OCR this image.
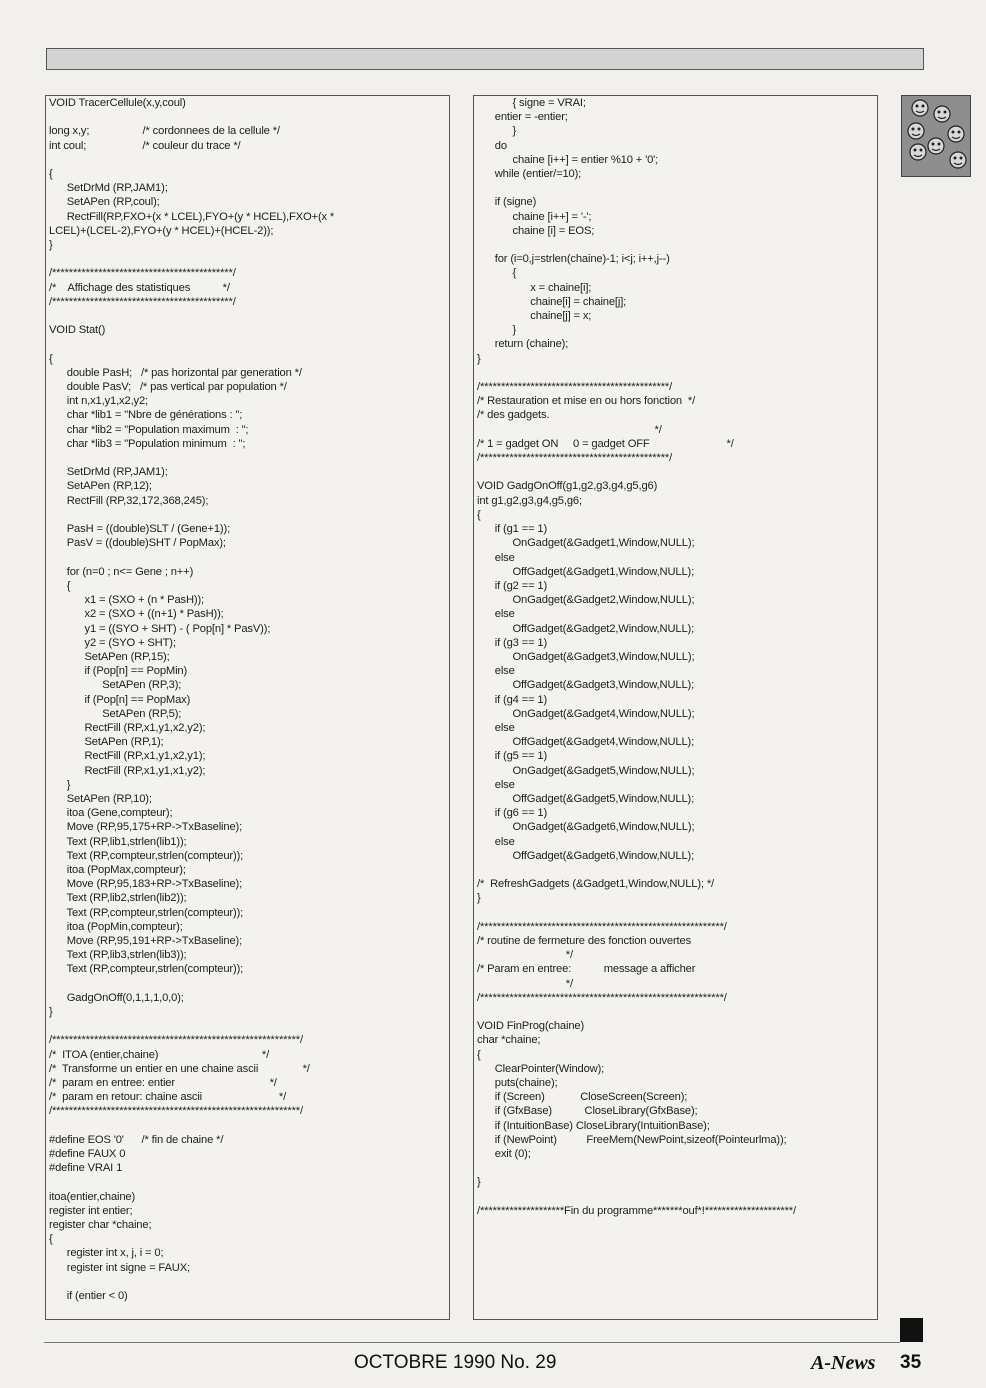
VOID TracerCellule(x,y,coul)

long x,y;                  /* cordonnees de la cellule */
int coul;                   /* couleur du trace */

{
SetDrMd (RP,JAM1);
SetAPen (RP,coul);
RectFill(RP,FXO+(x * LCEL),FYO+(y * HCEL),FXO+(x *
LCEL)+(LCEL-2),FYO+(y * HCEL)+(HCEL-2));
}

/*******************************************/
/*    Affichage des statistiques           */
/*******************************************/

VOID Stat()

{
double PasH;   /* pas horizontal par generation */
double PasV;   /* pas vertical par population */
int n,x1,y1,x2,y2;
char *lib1 = "Nbre de générations : ";
char *lib2 = "Population maximum  : ";
char *lib3 = "Population minimum  : ";

SetDrMd (RP,JAM1);
SetAPen (RP,12);
RectFill (RP,32,172,368,245);

PasH = ((double)SLT / (Gene+1));
PasV = ((double)SHT / PopMax);

for (n=0 ; n<= Gene ; n++)
{
x1 = (SXO + (n * PasH));
x2 = (SXO + ((n+1) * PasH));
y1 = ((SYO + SHT) - ( Pop[n] * PasV));
y2 = (SYO + SHT);
SetAPen (RP,15);
if (Pop[n] == PopMin)
SetAPen (RP,3);
if (Pop[n] == PopMax)
SetAPen (RP,5);
RectFill (RP,x1,y1,x2,y2);
SetAPen (RP,1);
RectFill (RP,x1,y1,x2,y1);
RectFill (RP,x1,y1,x1,y2);
}
SetAPen (RP,10);
itoa (Gene,compteur);
Move (RP,95,175+RP->TxBaseline);
Text (RP,lib1,strlen(lib1));
Text (RP,compteur,strlen(compteur));
itoa (PopMax,compteur);
Move (RP,95,183+RP->TxBaseline);
Text (RP,lib2,strlen(lib2));
Text (RP,compteur,strlen(compteur));
itoa (PopMin,compteur);
Move (RP,95,191+RP->TxBaseline);
Text (RP,lib3,strlen(lib3));
Text (RP,compteur,strlen(compteur));

GadgOnOff(0,1,1,1,0,0);
}

/***********************************************************/
/*  ITOA (entier,chaine)                                   */
/*  Transforme un entier en une chaine ascii               */
/*  param en entree: entier                                */
/*  param en retour: chaine ascii                          */
/***********************************************************/

#define EOS '0'      /* fin de chaine */
#define FAUX 0
#define VRAI 1

itoa(entier,chaine)
register int entier;
register char *chaine;
{
register int x, j, i = 0;
register int signe = FAUX;

if (entier < 0)
{ signe = VRAI;
entier = -entier;
}
do
chaine [i++] = entier %10 + '0';
while (entier/=10);

if (signe)
chaine [i++] = '-';
chaine [i] = EOS;

for (i=0,j=strlen(chaine)-1; i<j; i++,j--)
{
x = chaine[i];
chaine[i] = chaine[j];
chaine[j] = x;
}
return (chaine);
}

/*********************************************/
/* Restauration et mise en ou hors fonction  */
/* des gadgets.
*/
/* 1 = gadget ON     0 = gadget OFF                          */
/*********************************************/

VOID GadgOnOff(g1,g2,g3,g4,g5,g6)
int g1,g2,g3,g4,g5,g6;
{
if (g1 == 1)
OnGadget(&Gadget1,Window,NULL);
else
OffGadget(&Gadget1,Window,NULL);
if (g2 == 1)
OnGadget(&Gadget2,Window,NULL);
else
OffGadget(&Gadget2,Window,NULL);
if (g3 == 1)
OnGadget(&Gadget3,Window,NULL);
else
OffGadget(&Gadget3,Window,NULL);
if (g4 == 1)
OnGadget(&Gadget4,Window,NULL);
else
OffGadget(&Gadget4,Window,NULL);
if (g5 == 1)
OnGadget(&Gadget5,Window,NULL);
else
OffGadget(&Gadget5,Window,NULL);
if (g6 == 1)
OnGadget(&Gadget6,Window,NULL);
else
OffGadget(&Gadget6,Window,NULL);

/*  RefreshGadgets (&Gadget1,Window,NULL); */
}

/**********************************************************/
/* routine de fermeture des fonction ouvertes
*/
/* Param en entree:           message a afficher
*/
/**********************************************************/

VOID FinProg(chaine)
char *chaine;
{
ClearPointer(Window);
puts(chaine);
if (Screen)            CloseScreen(Screen);
if (GfxBase)           CloseLibrary(GfxBase);
if (IntuitionBase) CloseLibrary(IntuitionBase);
if (NewPoint)          FreeMem(NewPoint,sizeof(Pointeurlma));
exit (0);

}

/********************Fin du programme*******ouf*!*********************/
OCTOBRE 1990 No. 29	A-News 35
